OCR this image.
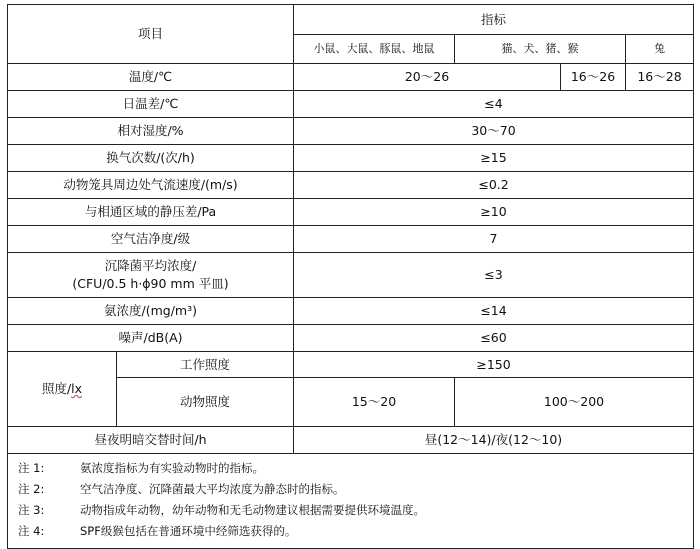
项目		指标				
		小鼠、大鼠、豚鼠、地鼠	猫、犬、猪、猴		兔	
温度/℃		20～26		16～26	16～28	
日温差/℃		≤4				
相对湿度/%		30～70				
换气次数/(次/h)		≥15				
动物笼具周边处气流速度/(m/s)		≤0.2				
与相通区域的静压差/Pa		≥10				
空气洁净度/级		7				
沉降菌平均浓度/
(CFU/0.5 h·ϕ90 mm 平皿)		≤3				
氨浓度/(mg/m³)		≤14				
噪声/dB(A)		≤60				
照度/lx	工作照度	≥150				
	动物照度	15～20	100～200	
昼夜明暗交替时间/h		昼(12～14)/夜(12～10)				

注 1: 氨浓度指标为有实验动物时的指标。
注 2: 空气洁净度、沉降菌最大平均浓度为静态时的指标。
注 3: 动物指成年动物，幼年动物和无毛动物建议根据需要提供环境温度。
注 4: SPF级猴包括在普通环境中经筛选获得的。						
